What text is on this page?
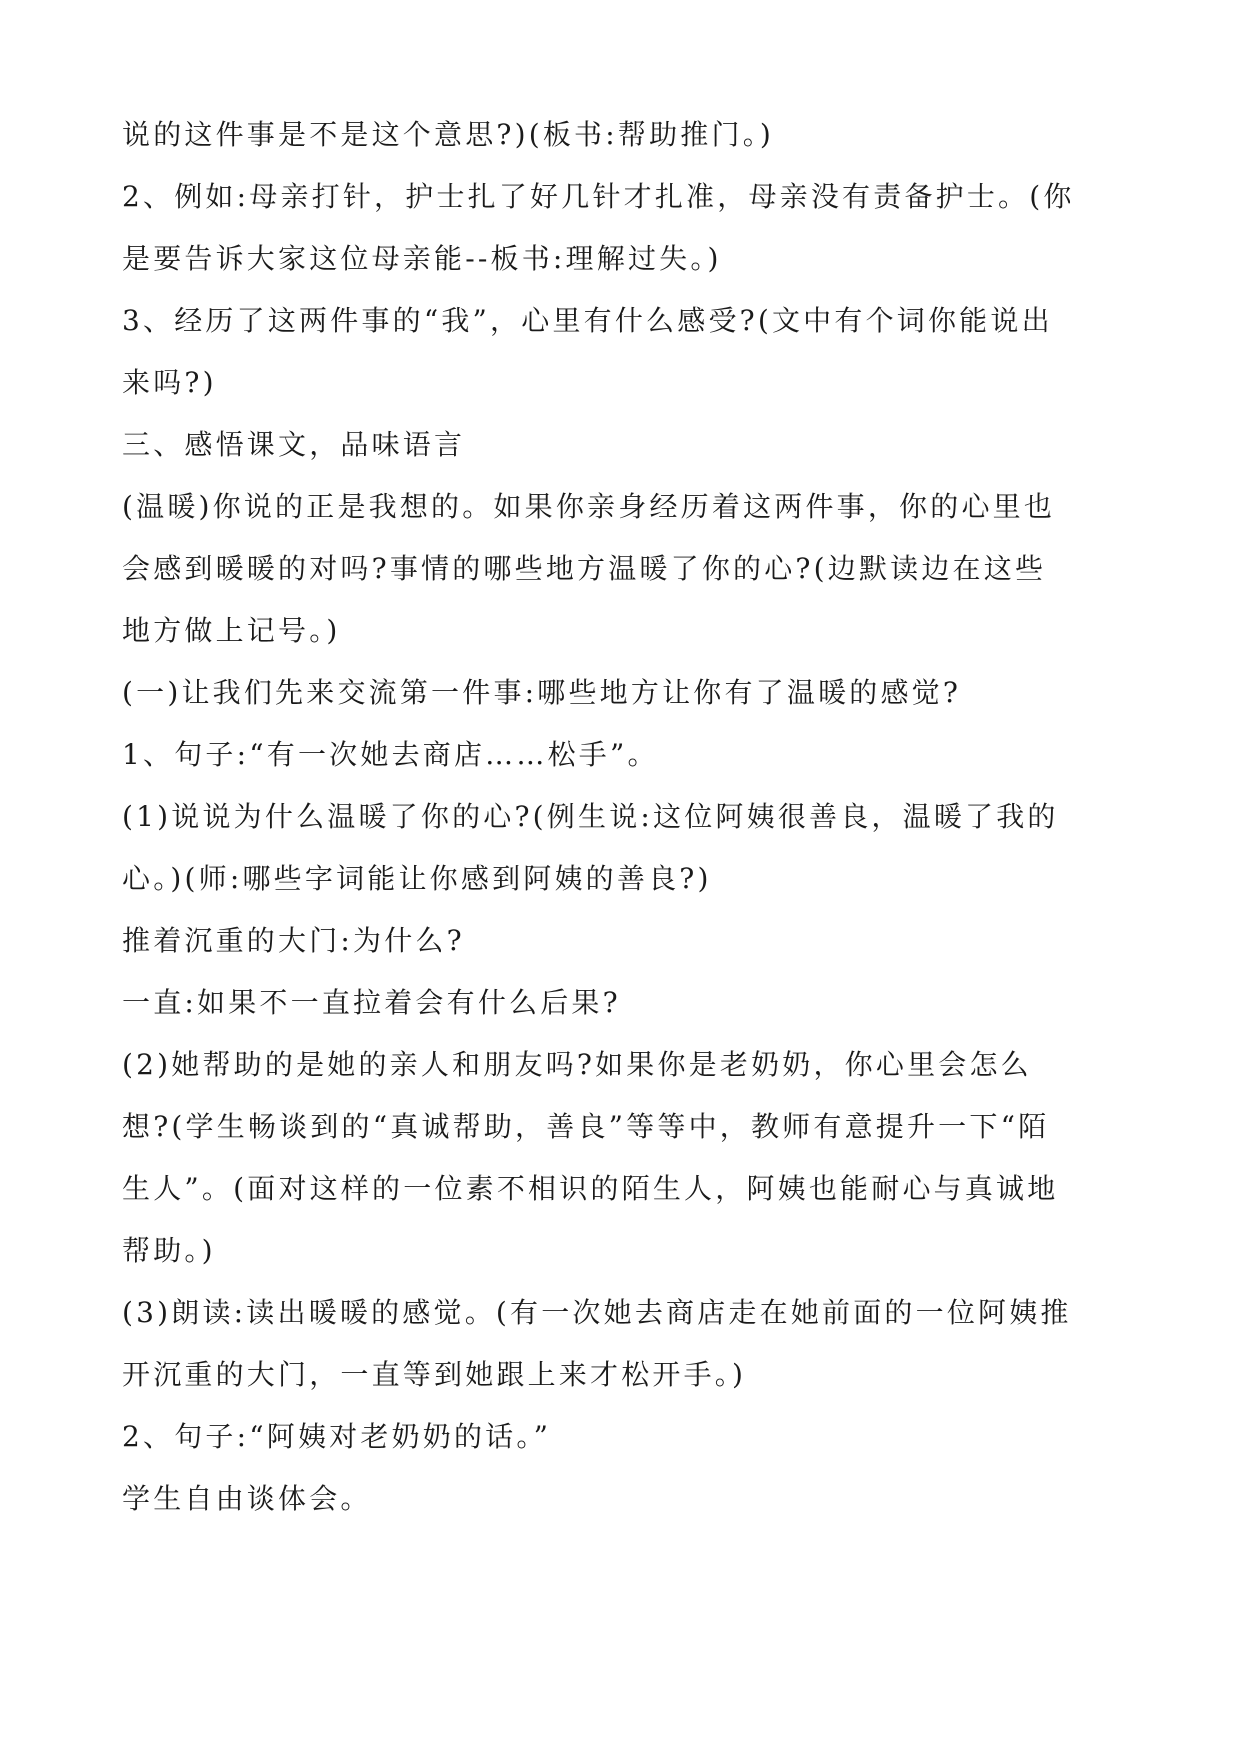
说的这件事是不是这个意思?)(板书:帮助推门。)

2、例如:母亲打针，护士扎了好几针才扎准，母亲没有责备护士。(你

是要告诉大家这位母亲能--板书:理解过失。)

3、经历了这两件事的“我”，心里有什么感受?(文中有个词你能说出

来吗?)

三、感悟课文，品味语言

(温暖)你说的正是我想的。如果你亲身经历着这两件事，你的心里也

会感到暖暖的对吗?事情的哪些地方温暖了你的心?(边默读边在这些

地方做上记号。)

(一)让我们先来交流第一件事:哪些地方让你有了温暖的感觉?

1、句子:“有一次她去商店……松手”。

(1)说说为什么温暖了你的心?(例生说:这位阿姨很善良，温暖了我的

心。)(师:哪些字词能让你感到阿姨的善良?)

推着沉重的大门:为什么?

一直:如果不一直拉着会有什么后果?

(2)她帮助的是她的亲人和朋友吗?如果你是老奶奶，你心里会怎么

想?(学生畅谈到的“真诚帮助，善良”等等中，教师有意提升一下“陌

生人”。(面对这样的一位素不相识的陌生人，阿姨也能耐心与真诚地

帮助。)

(3)朗读:读出暖暖的感觉。(有一次她去商店走在她前面的一位阿姨推

开沉重的大门，一直等到她跟上来才松开手。)

2、句子:“阿姨对老奶奶的话。”

学生自由谈体会。
